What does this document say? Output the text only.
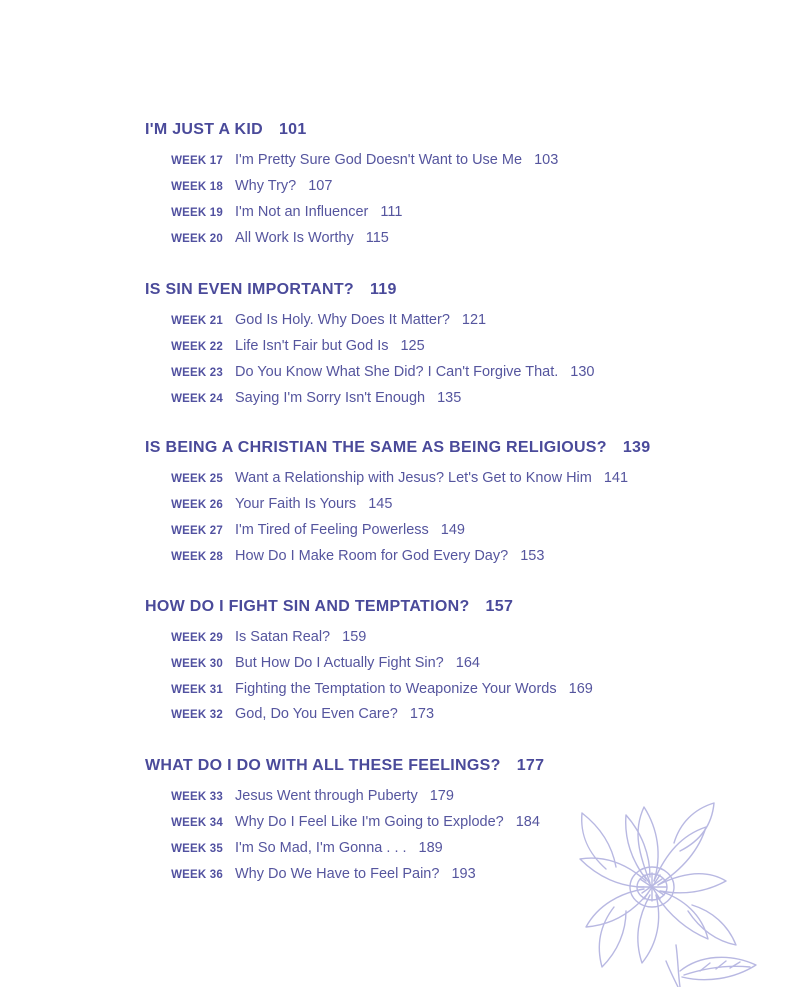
I'M JUST A KID 101
WEEK 17 I'm Pretty Sure God Doesn't Want to Use Me 103
WEEK 18 Why Try? 107
WEEK 19 I'm Not an Influencer 111
WEEK 20 All Work Is Worthy 115
IS SIN EVEN IMPORTANT? 119
WEEK 21 God Is Holy. Why Does It Matter? 121
WEEK 22 Life Isn't Fair but God Is 125
WEEK 23 Do You Know What She Did? I Can't Forgive That. 130
WEEK 24 Saying I'm Sorry Isn't Enough 135
IS BEING A CHRISTIAN THE SAME AS BEING RELIGIOUS? 139
WEEK 25 Want a Relationship with Jesus? Let's Get to Know Him 141
WEEK 26 Your Faith Is Yours 145
WEEK 27 I'm Tired of Feeling Powerless 149
WEEK 28 How Do I Make Room for God Every Day? 153
HOW DO I FIGHT SIN AND TEMPTATION? 157
WEEK 29 Is Satan Real? 159
WEEK 30 But How Do I Actually Fight Sin? 164
WEEK 31 Fighting the Temptation to Weaponize Your Words 169
WEEK 32 God, Do You Even Care? 173
WHAT DO I DO WITH ALL THESE FEELINGS? 177
WEEK 33 Jesus Went through Puberty 179
WEEK 34 Why Do I Feel Like I'm Going to Explode? 184
WEEK 35 I'm So Mad, I'm Gonna . . . 189
WEEK 36 Why Do We Have to Feel Pain? 193
